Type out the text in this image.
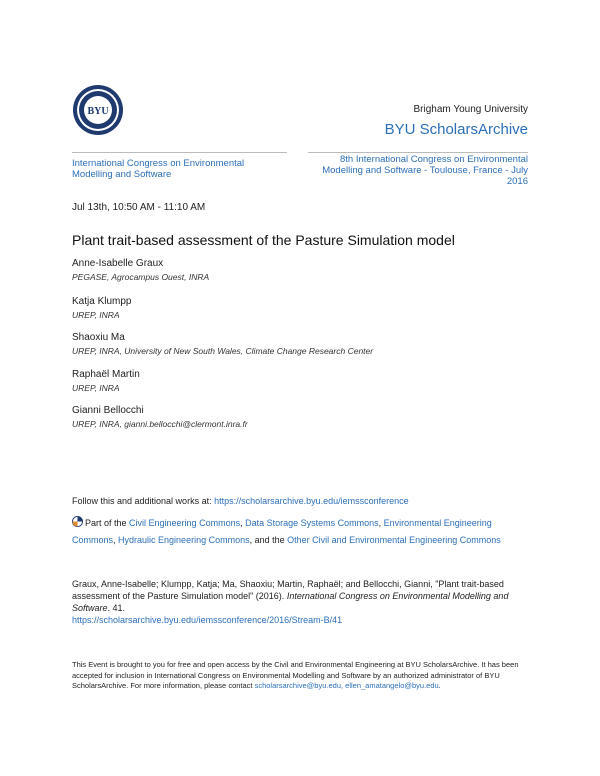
BYU	Brigham Young University
BYU ScholarsArchive
International Congress on Environmental Modelling and Software
8th International Congress on Environmental Modelling and Software - Toulouse, France - July 2016
Jul 13th, 10:50 AM - 11:10 AM
Plant trait-based assessment of the Pasture Simulation model
Anne-Isabelle Graux
PEGASE, Agrocampus Ouest, INRA
Katja Klumpp
UREP, INRA
Shaoxiu Ma
UREP, INRA, University of New South Wales, Climate Change Research Center
Raphaël Martin
UREP, INRA
Gianni Bellocchi
UREP, INRA, gianni.bellocchi@clermont.inra.fr
Follow this and additional works at: https://scholarsarchive.byu.edu/iemssconference
Part of the Civil Engineering Commons, Data Storage Systems Commons, Environmental Engineering Commons, Hydraulic Engineering Commons, and the Other Civil and Environmental Engineering Commons
Graux, Anne-Isabelle; Klumpp, Katja; Ma, Shaoxiu; Martin, Raphaël; and Bellocchi, Gianni, "Plant trait-based assessment of the Pasture Simulation model" (2016). International Congress on Environmental Modelling and Software. 41.
https://scholarsarchive.byu.edu/iemssconference/2016/Stream-B/41
This Event is brought to you for free and open access by the Civil and Environmental Engineering at BYU ScholarsArchive. It has been accepted for inclusion in International Congress on Environmental Modelling and Software by an authorized administrator of BYU ScholarsArchive. For more information, please contact scholarsarchive@byu.edu, ellen_amatangelo@byu.edu.
